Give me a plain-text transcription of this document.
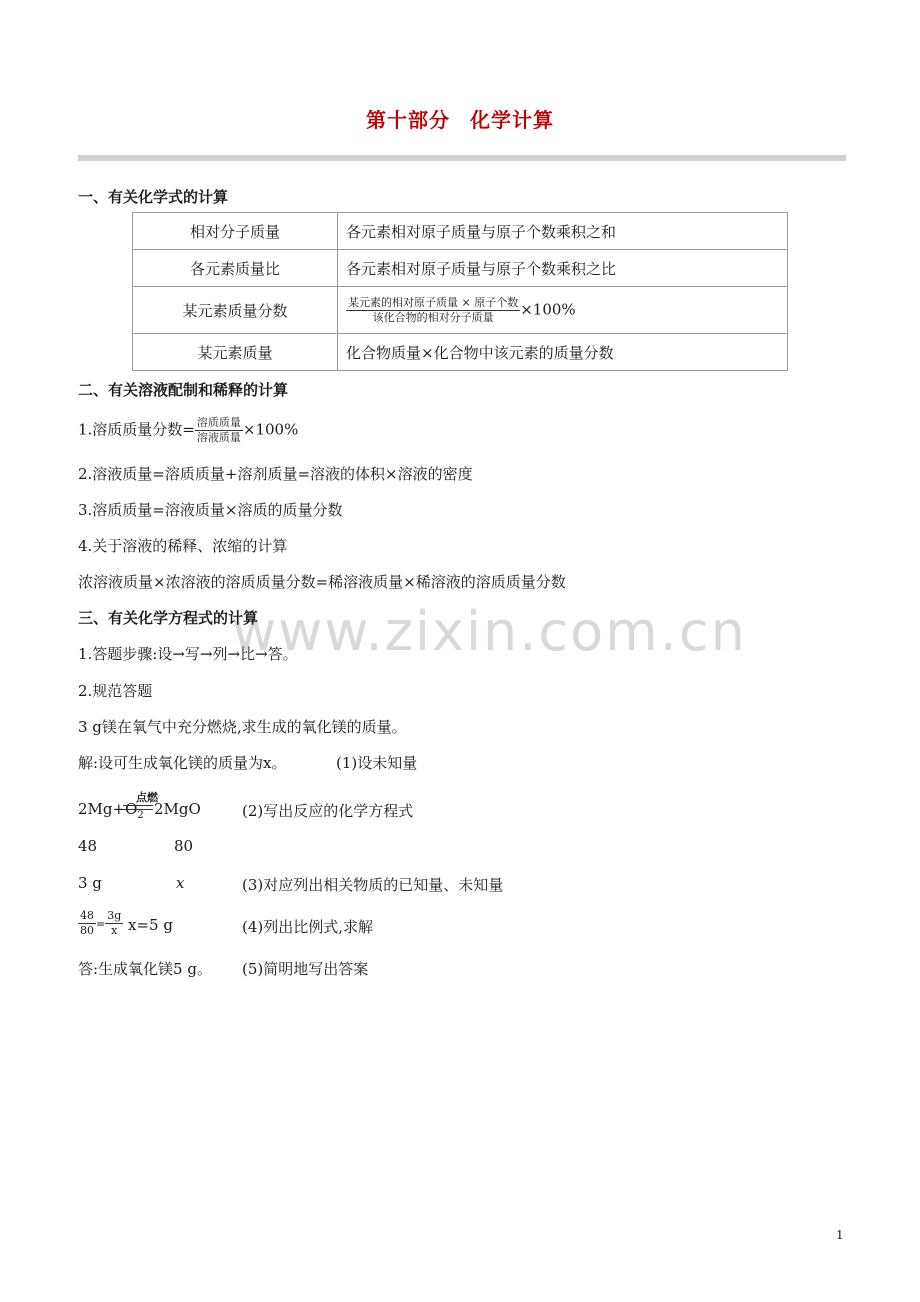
第十部分 化学计算
www.zixin.com.cn
一、有关化学式的计算
相对分子质量	各元素相对原子质量与原子个数乘积之和
各元素质量比	各元素相对原子质量与原子个数乘积之比
某元素质量分数	$\frac{\text{某元素的相对原子质量 × 原子个数}}{\text{该化合物的相对分子质量}} \times 100\%$
某元素质量	化合物质量×化合物中该元素的质量分数
二、有关溶液配制和稀释的计算
1.溶质质量分数= $\frac{\text{溶质质量}}{\text{溶液质量}} \times 100\%$
2.溶液质量=溶质质量+溶剂质量=溶液的体积×溶液的密度
3.溶质质量=溶液质量×溶质的质量分数
4.关于溶液的稀释、浓缩的计算
浓溶液质量×浓溶液的溶质质量分数=稀溶液质量×稀溶液的溶质质量分数
三、有关化学方程式的计算
1.答题步骤:设→写→列→比→答。
2.规范答题
3 g镁在氧气中充分燃烧,求生成的氧化镁的质量。
解:设可生成氧化镁的质量为x。	(1)设未知量
$2Mg+O_2$
点燃
2MgO	(2)写出反应的化学方程式
48	80
3 g	x	(3)对应列出相关物质的已知量、未知量
$\frac{48}{80} = \frac{3g}{x} x=5$ g	(4)列出比例式,求解
答:生成氧化镁5 g。 (5)简明地写出答案
1
